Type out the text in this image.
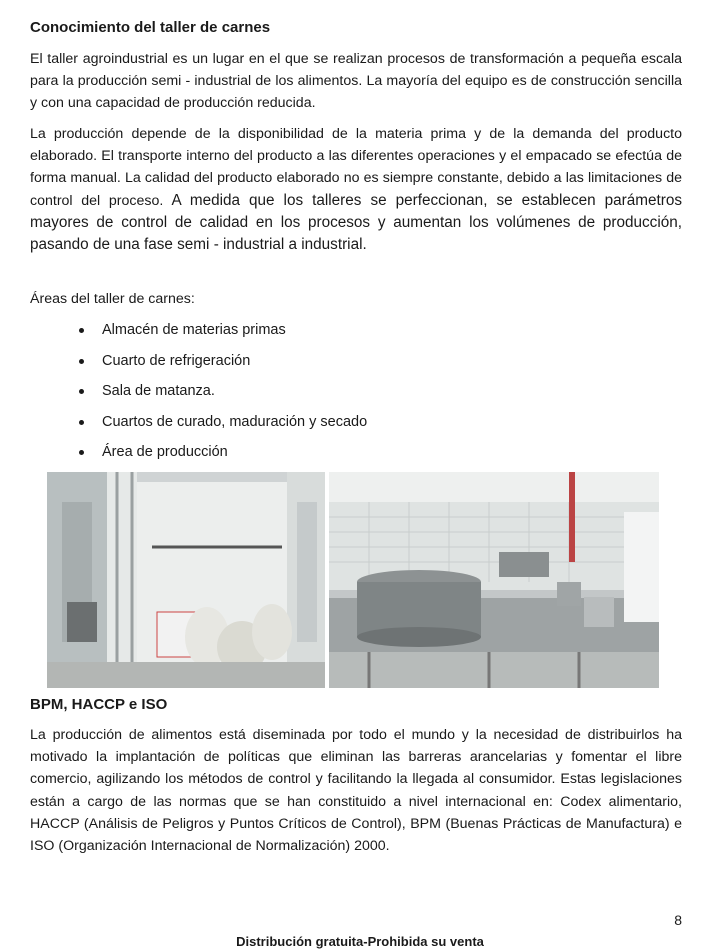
Conocimiento del taller de carnes

El taller agroindustrial es un lugar en el que se realizan procesos de transformación a pequeña escala para la producción semi - industrial de los alimentos. La mayoría del equipo es de construcción sencilla y con una capacidad de producción reducida.

La producción depende de la disponibilidad de la materia prima y de la demanda del producto elaborado. El transporte interno del producto a las diferentes operaciones y el empacado se efectúa de forma manual. La calidad del producto elaborado no es siempre constante, debido a las limitaciones de control del proceso. A medida que los talleres se perfeccionan, se establecen parámetros mayores de control de calidad en los procesos y aumentan los volúmenes de producción, pasando de una fase semi - industrial a industrial.

Áreas del taller de carnes:

Almacén de materias primas
Cuarto de refrigeración
Sala de matanza.
Cuartos de curado, maduración y secado
Área de producción
BPM, HACCP e ISO

La producción de alimentos está diseminada por todo el mundo y la necesidad de distribuirlos ha motivado la implantación de políticas que eliminan las barreras arancelarias y fomentar el libre comercio, agilizando los métodos de control y facilitando la llegada al consumidor. Estas legislaciones están a cargo de las normas que se han constituido a nivel internacional en: Codex alimentario, HACCP (Análisis de Peligros y Puntos Críticos de Control), BPM (Buenas Prácticas de Manufactura) e ISO (Organización Internacional de Normalización) 2000.

8
Distribución gratuita-Prohibida su venta
